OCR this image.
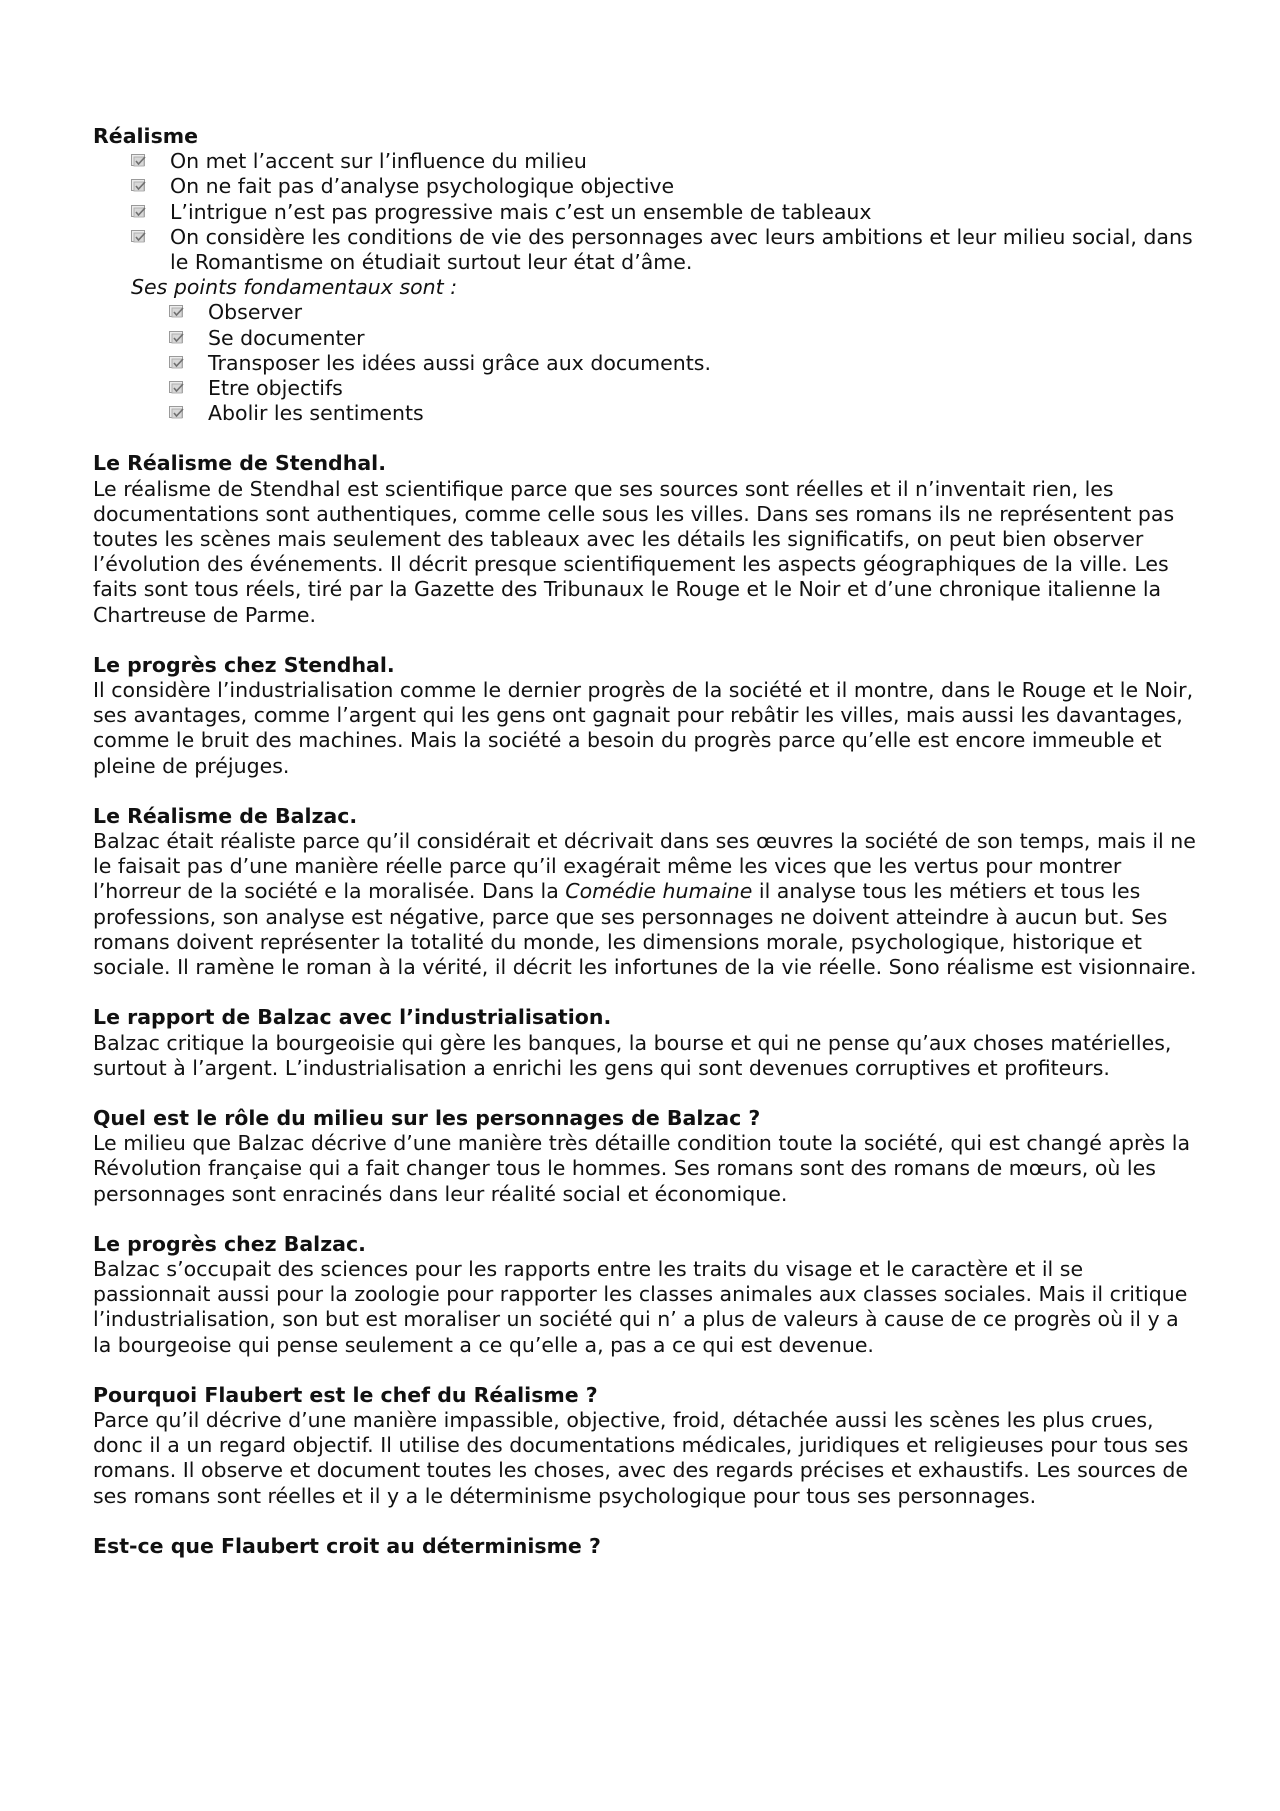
Réalisme

On met l’accent sur l’influence du milieu
On ne fait pas d’analyse psychologique objective
L’intrigue n’est pas progressive mais c’est un ensemble de tableaux
On considère les conditions de vie des personnages avec leurs ambitions et leur milieu social, dans le Romantisme on étudiait surtout leur état d’âme.

Ses points fondamentaux sont :

Observer
Se documenter
Transposer les idées aussi grâce aux documents.
Etre objectifs
Abolir les sentiments

Le Réalisme de Stendhal.

Le réalisme de Stendhal est scientifique parce que ses sources sont réelles et il n’inventait rien, les documentations sont authentiques, comme celle sous les villes. Dans ses romans ils ne représentent pas toutes les scènes mais seulement des tableaux avec les détails les significatifs, on peut bien observer l’évolution des événements. Il décrit presque scientifiquement les aspects géographiques de la ville. Les faits sont tous réels, tiré par la Gazette des Tribunaux le Rouge et le Noir et d’une chronique italienne la Chartreuse de Parme.

Le progrès chez Stendhal.

Il considère l’industrialisation comme le dernier progrès de la société et il montre, dans le Rouge et le Noir, ses avantages, comme l’argent qui les gens ont gagnait pour rebâtir les villes, mais aussi les davantages, comme le bruit des machines. Mais la société a besoin du progrès parce qu’elle est encore immeuble et pleine de préjuges.

Le Réalisme de Balzac.

Balzac était réaliste parce qu’il considérait et décrivait dans ses œuvres la société de son temps, mais il ne le faisait pas d’une manière réelle parce qu’il exagérait même les vices que les vertus pour montrer l’horreur de la société e la moralisée. Dans la Comédie humaine il analyse tous les métiers et tous les professions, son analyse est négative, parce que ses personnages ne doivent atteindre à aucun but. Ses romans doivent représenter la totalité du monde, les dimensions morale, psychologique, historique et sociale. Il ramène le roman à la vérité, il décrit les infortunes de la vie réelle. Sono réalisme est visionnaire.

Le rapport de Balzac avec l’industrialisation.

Balzac critique la bourgeoisie qui gère les banques, la bourse et qui ne pense qu’aux choses matérielles, surtout à l’argent. L’industrialisation a enrichi les gens qui sont devenues corruptives et profiteurs.

Quel est le rôle du milieu sur les personnages de Balzac ?

Le milieu que Balzac décrive d’une manière très détaille condition toute la société, qui est changé après la Révolution française qui a fait changer tous le hommes. Ses romans sont des romans de mœurs, où les personnages sont enracinés dans leur réalité social et économique.

Le progrès chez Balzac.

Balzac s’occupait des sciences pour les rapports entre les traits du visage et le caractère et il se passionnait aussi pour la zoologie pour rapporter les classes animales aux classes sociales. Mais il critique l’industrialisation, son but est moraliser un société qui n’ a plus de valeurs à cause de ce progrès où il y a la bourgeoise qui pense seulement a ce qu’elle a, pas a ce qui est devenue.

Pourquoi Flaubert est le chef du Réalisme ?

Parce qu’il décrive d’une manière impassible, objective, froid, détachée aussi les scènes les plus crues, donc il a un regard objectif. Il utilise des documentations médicales, juridiques et religieuses pour tous ses romans. Il observe et document toutes les choses, avec des regards précises et exhaustifs. Les sources de ses romans sont réelles et il y a le déterminisme psychologique pour tous ses personnages.

Est-ce que Flaubert croit au déterminisme ?
